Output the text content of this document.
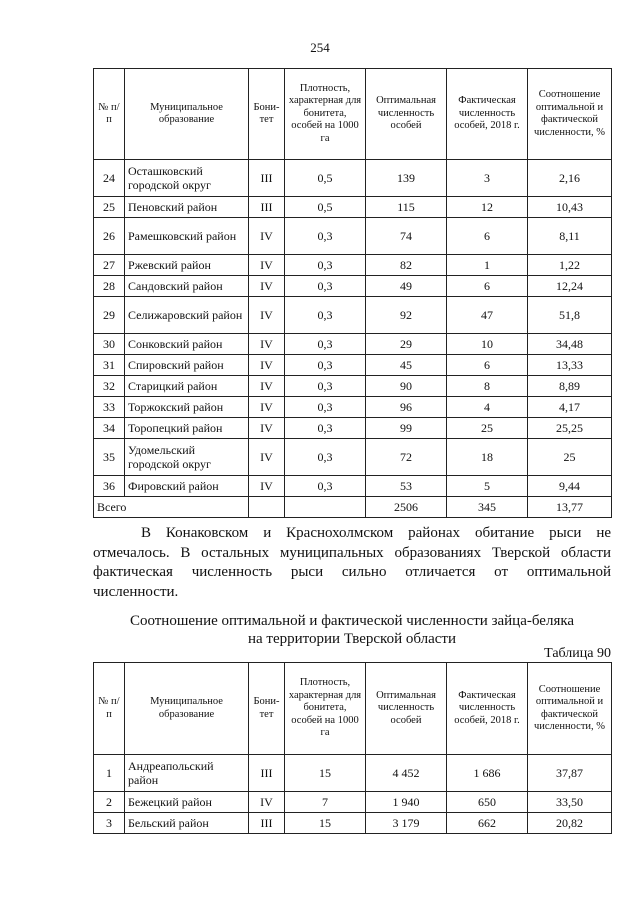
254
№ п/п	Муниципальное образование	Бони-тет	Плотность, характерная для бонитета, особей на 1000 га	Оптимальная численность особей	Фактическая численность особей, 2018 г.	Соотношение оптимальной и фактической численности, %
24	Осташковский городской округ	III	0,5	139	3	2,16
25	Пеновский район	III	0,5	115	12	10,43
26	Рамешковский район	IV	0,3	74	6	8,11
27	Ржевский район	IV	0,3	82	1	1,22
28	Сандовский район	IV	0,3	49	6	12,24
29	Селижаровский район	IV	0,3	92	47	51,8
30	Сонковский район	IV	0,3	29	10	34,48
31	Спировский район	IV	0,3	45	6	13,33
32	Старицкий район	IV	0,3	90	8	8,89
33	Торжокский район	IV	0,3	96	4	4,17
34	Торопецкий район	IV	0,3	99	25	25,25
35	Удомельский городской округ	IV	0,3	72	18	25
36	Фировский район	IV	0,3	53	5	9,44
Всего				2506	345	13,77

В Конаковском и Краснохолмском районах обитание рыси не
отмечалось. В остальных муниципальных образованиях Тверской области
фактическая численность рыси сильно отличается от оптимальной
численности.

Соотношение оптимальной и фактической численности зайца-беляка
на территории Тверской области
Таблица 90
№ п/п	Муниципальное образование	Бони-тет	Плотность, характерная для бонитета, особей на 1000 га	Оптимальная численность особей	Фактическая численность особей, 2018 г.	Соотношение оптимальной и фактической численности, %
1	Андреапольский район	III	15	4 452	1 686	37,87
2	Бежецкий район	IV	7	1 940	650	33,50
3	Бельский район	III	15	3 179	662	20,82
